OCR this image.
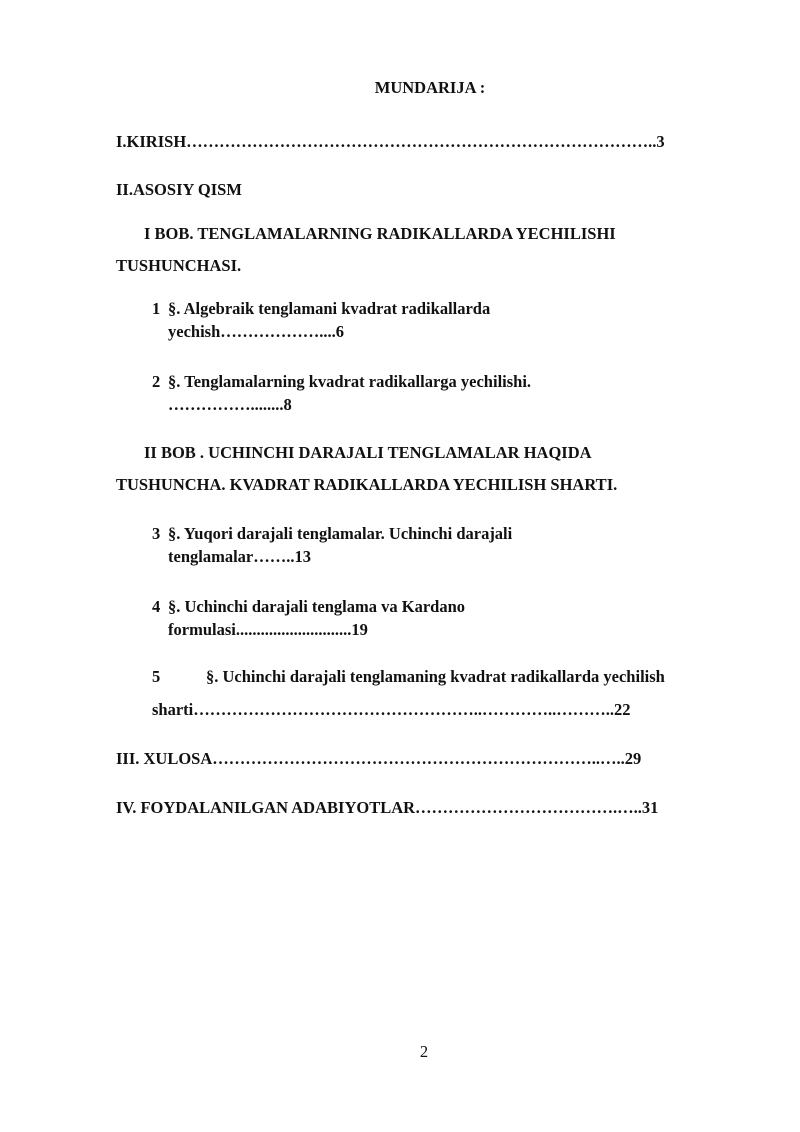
MUNDARIJA :
I.KIRISH…………………………………………………………………………..3
II.ASOSIY QISM
I BOB. TENGLAMALARNING RADIKALLARDA YECHILISHI
TUSHUNCHASI.
1 §. Algebraik tenglamani kvadrat radikallarda
yechish………………....6
2 §. Tenglamalarning kvadrat radikallarga yechilishi.
……………........8
II BOB . UCHINCHI DARAJALI TENGLAMALAR HAQIDA
TUSHUNCHA. KVADRAT RADIKALLARDA YECHILISH SHARTI.
3 §. Yuqori darajali tenglamalar. Uchinchi darajali
tenglamalar……..13
4 §. Uchinchi darajali tenglama va Kardano
formulasi............................19
5	§. Uchinchi darajali tenglamaning kvadrat radikallarda yechilish
sharti……………………………………………..…………..………..22
III. XULOSA……………………………………………………………..…..29
IV. FOYDALANILGAN ADABIYOTLAR……………………………….…..31
2
